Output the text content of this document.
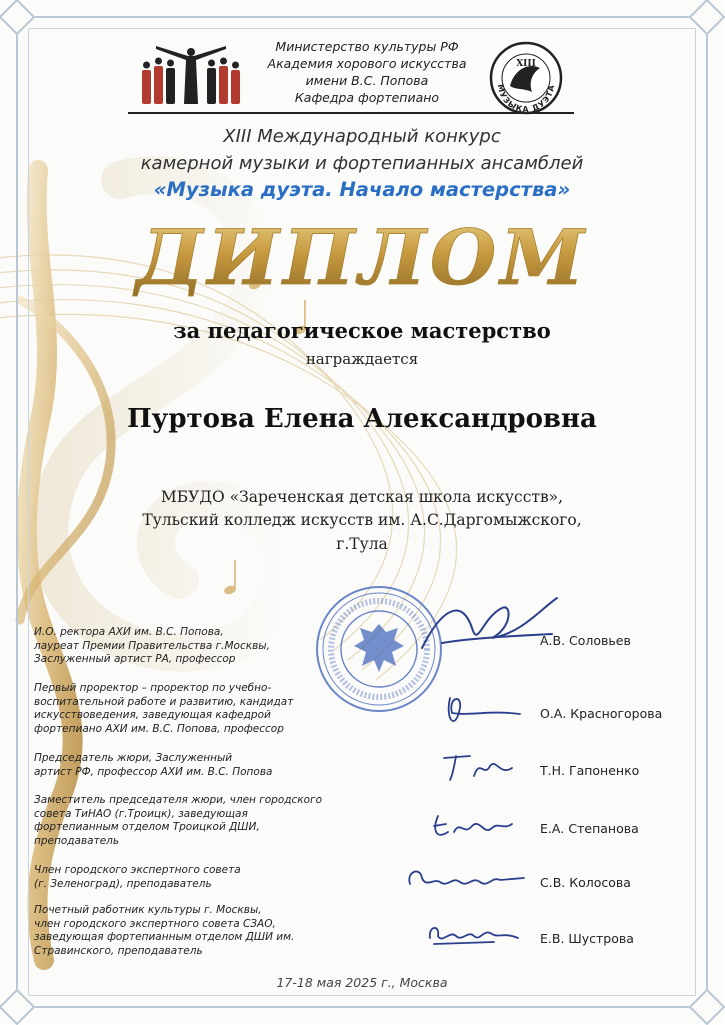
Министерство культуры РФ
Академия хорового искусства
имени В.С. Попова
Кафедра фортепиано
XIII
МУЗЫКА ДУЭТА
XIII Международный конкурс
камерной музыки и фортепианных ансамблей
«Музыка дуэта. Начало мастерства»
ДИПЛОМ
за педагогическое мастерство
награждается
Пуртова Елена Александровна
МБУДО «Зареченская детская школа искусств»,
Тульский колледж искусств им. А.С.Даргомыжского,
г.Тула
И.О. ректора АХИ им. В.С. Попова,
лауреат Премии Правительства г.Москвы,
Заслуженный артист РА, профессор
А.В. Соловьев
Первый проректор – проректор по учебно-
воспитательной работе и развитию, кандидат
искусствоведения, заведующая кафедрой
фортепиано АХИ им. В.С. Попова, профессор
О.А. Красногорова
Председатель жюри, Заслуженный
артист РФ, профессор АХИ им. В.С. Попова	Т.Н. Гапоненко
Заместитель председателя жюри, член городского
совета ТиНАО (г.Троицк), заведующая
фортепианным отделом Троицкой ДШИ,
преподаватель
Е.А. Степанова
Член городского экспертного совета
(г. Зеленоград), преподаватель	С.В. Колосова
Почетный работник культуры г. Москвы,
член городского экспертного совета СЗАО,
заведующая фортепианным отделом ДШИ им.
Стравинского, преподаватель
Е.В. Шустрова
17-18 мая 2025 г., Москва
